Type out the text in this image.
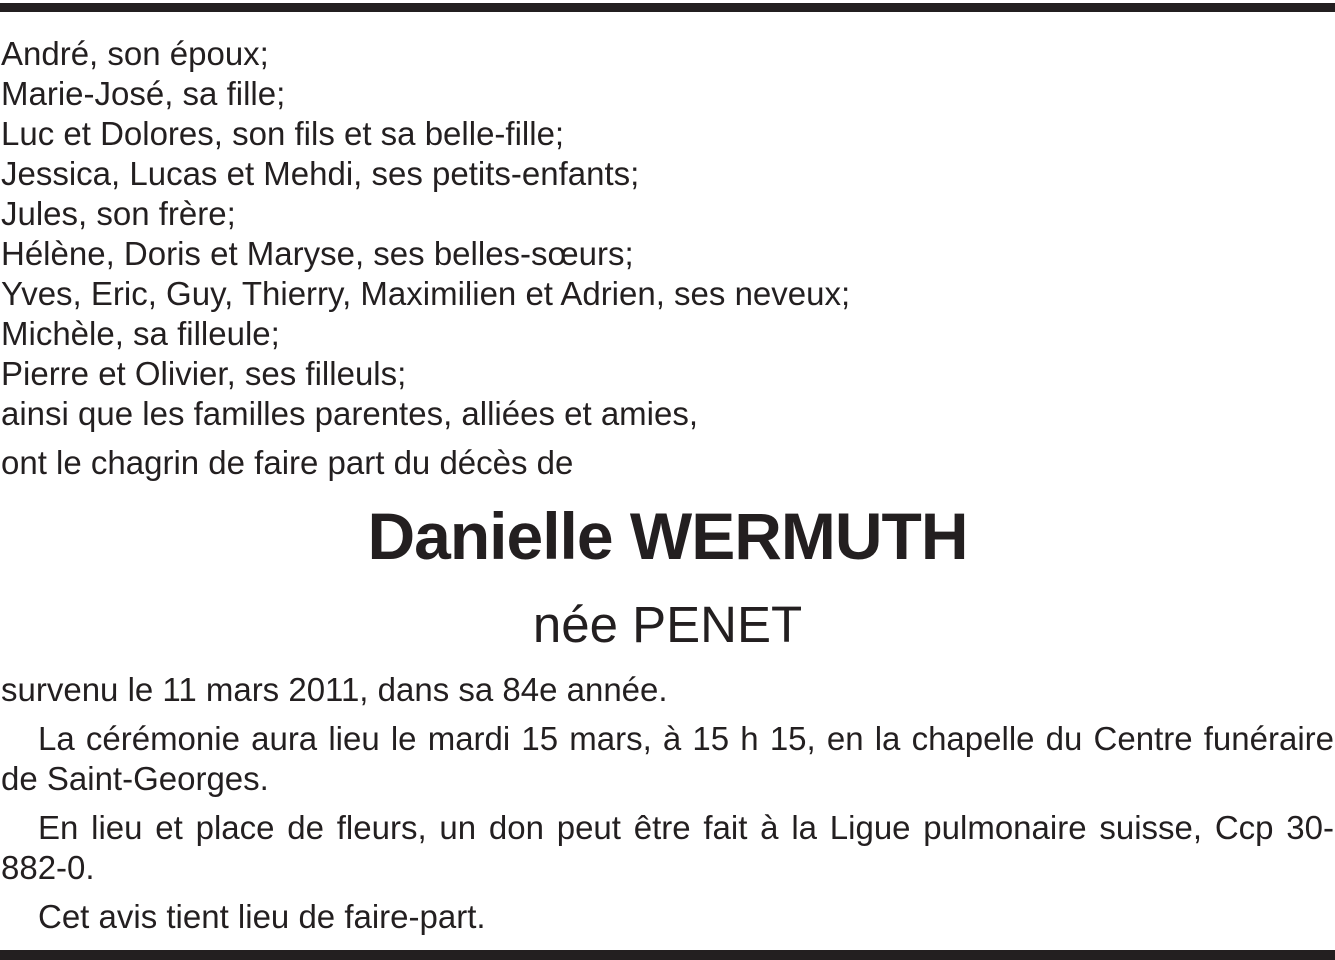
André, son époux;
Marie-José, sa fille;
Luc et Dolores, son fils et sa belle-fille;
Jessica, Lucas et Mehdi, ses petits-enfants;
Jules, son frère;
Hélène, Doris et Maryse, ses belles-sœurs;
Yves, Eric, Guy, Thierry, Maximilien et Adrien, ses neveux;
Michèle, sa filleule;
Pierre et Olivier, ses filleuls;
ainsi que les familles parentes, alliées et amies,
ont le chagrin de faire part du décès de
Danielle WERMUTH
née PENET
survenu le 11 mars 2011, dans sa 84e année.

La cérémonie aura lieu le mardi 15 mars, à 15 h 15, en la chapelle du Centre funéraire de Saint-Georges.

En lieu et place de fleurs, un don peut être fait à la Ligue pulmonaire suisse, Ccp 30-882-0.

Cet avis tient lieu de faire-part.
